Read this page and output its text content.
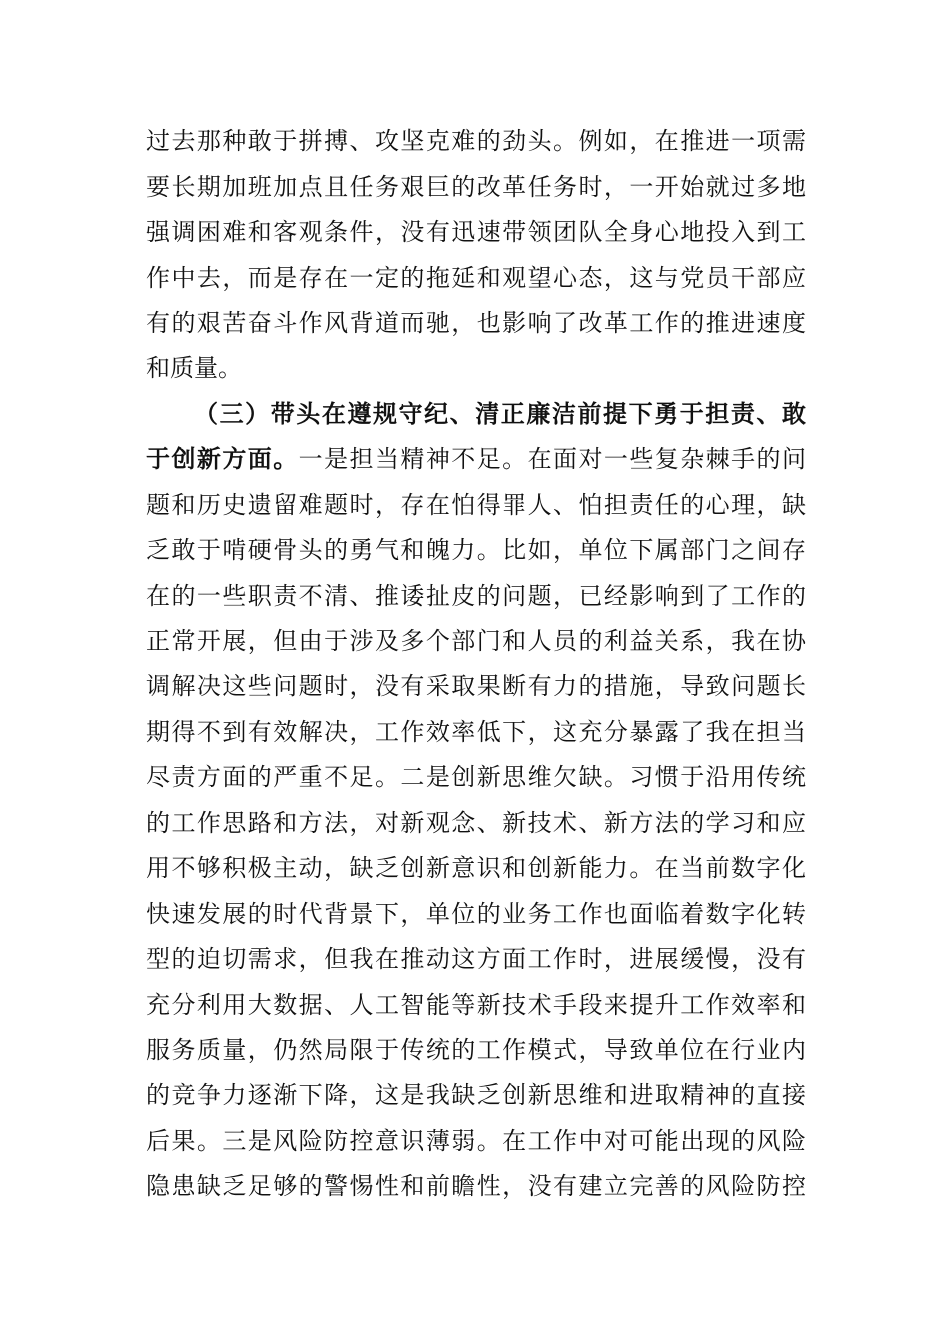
过去那种敢于拼搏、攻坚克难的劲头。例如，在推进一项需
要长期加班加点且任务艰巨的改革任务时，一开始就过多地
强调困难和客观条件，没有迅速带领团队全身心地投入到工
作中去，而是存在一定的拖延和观望心态，这与党员干部应
有的艰苦奋斗作风背道而驰，也影响了改革工作的推进速度
和质量。
（三）带头在遵规守纪、清正廉洁前提下勇于担责、敢
于创新方面。一是担当精神不足。在面对一些复杂棘手的问
题和历史遗留难题时，存在怕得罪人、怕担责任的心理，缺
乏敢于啃硬骨头的勇气和魄力。比如，单位下属部门之间存
在的一些职责不清、推诿扯皮的问题，已经影响到了工作的
正常开展，但由于涉及多个部门和人员的利益关系，我在协
调解决这些问题时，没有采取果断有力的措施，导致问题长
期得不到有效解决，工作效率低下，这充分暴露了我在担当
尽责方面的严重不足。二是创新思维欠缺。习惯于沿用传统
的工作思路和方法，对新观念、新技术、新方法的学习和应
用不够积极主动，缺乏创新意识和创新能力。在当前数字化
快速发展的时代背景下，单位的业务工作也面临着数字化转
型的迫切需求，但我在推动这方面工作时，进展缓慢，没有
充分利用大数据、人工智能等新技术手段来提升工作效率和
服务质量，仍然局限于传统的工作模式，导致单位在行业内
的竞争力逐渐下降，这是我缺乏创新思维和进取精神的直接
后果。三是风险防控意识薄弱。在工作中对可能出现的风险
隐患缺乏足够的警惕性和前瞻性，没有建立完善的风险防控
